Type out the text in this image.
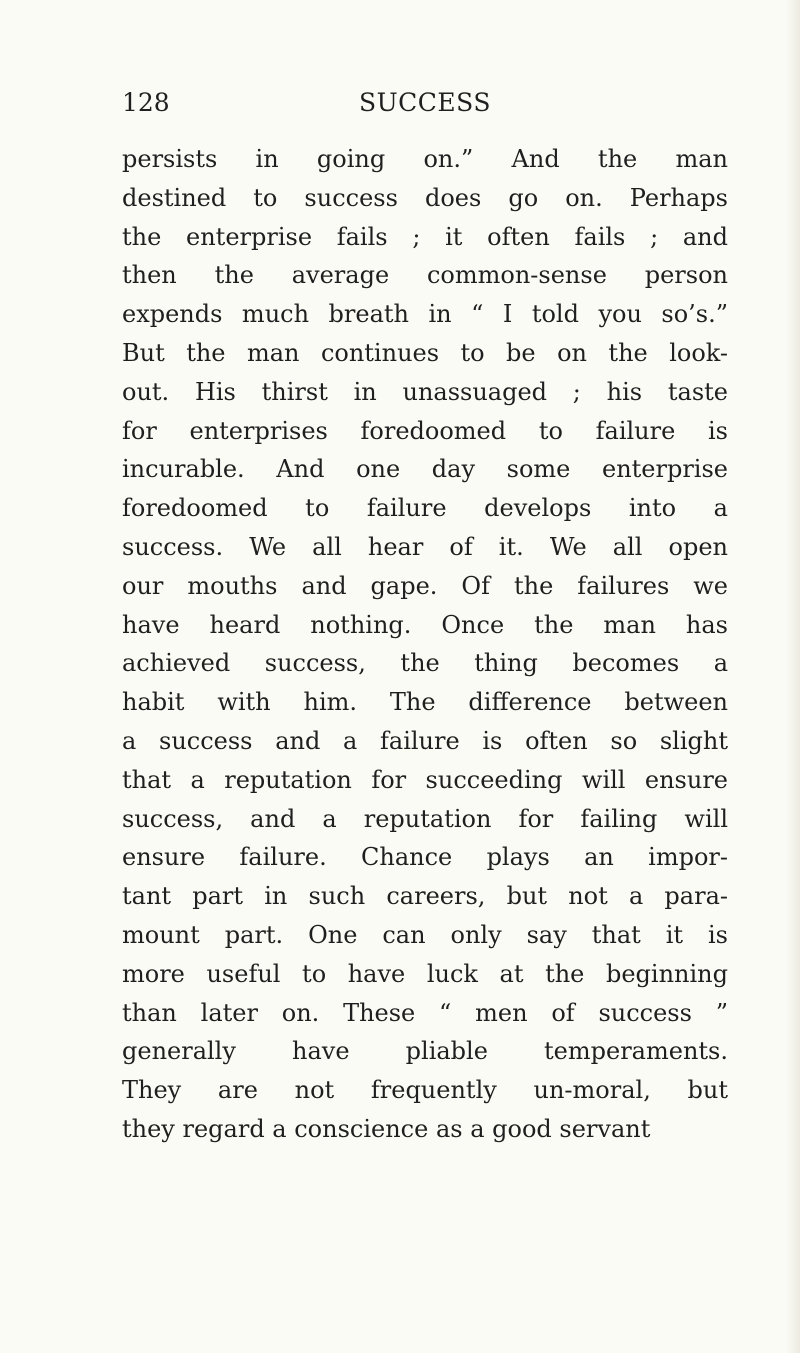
128	SUCCESS
persists in going on.” And the man
destined to success does go on. Perhaps
the enterprise fails ; it often fails ; and
then the average common-sense person
expends much breath in “ I told you so’s.”
But the man continues to be on the look-
out. His thirst in unassuaged ; his taste
for enterprises foredoomed to failure is
incurable. And one day some enterprise
foredoomed to failure develops into a
success. We all hear of it. We all open
our mouths and gape. Of the failures we
have heard nothing. Once the man has
achieved success, the thing becomes a
habit with him. The difference between
a success and a failure is often so slight
that a reputation for succeeding will ensure
success, and a reputation for failing will
ensure failure. Chance plays an impor-
tant part in such careers, but not a para-
mount part. One can only say that it is
more useful to have luck at the beginning
than later on. These “ men of success ”
generally have pliable temperaments.
They are not frequently un-moral, but
they regard a conscience as a good servant
